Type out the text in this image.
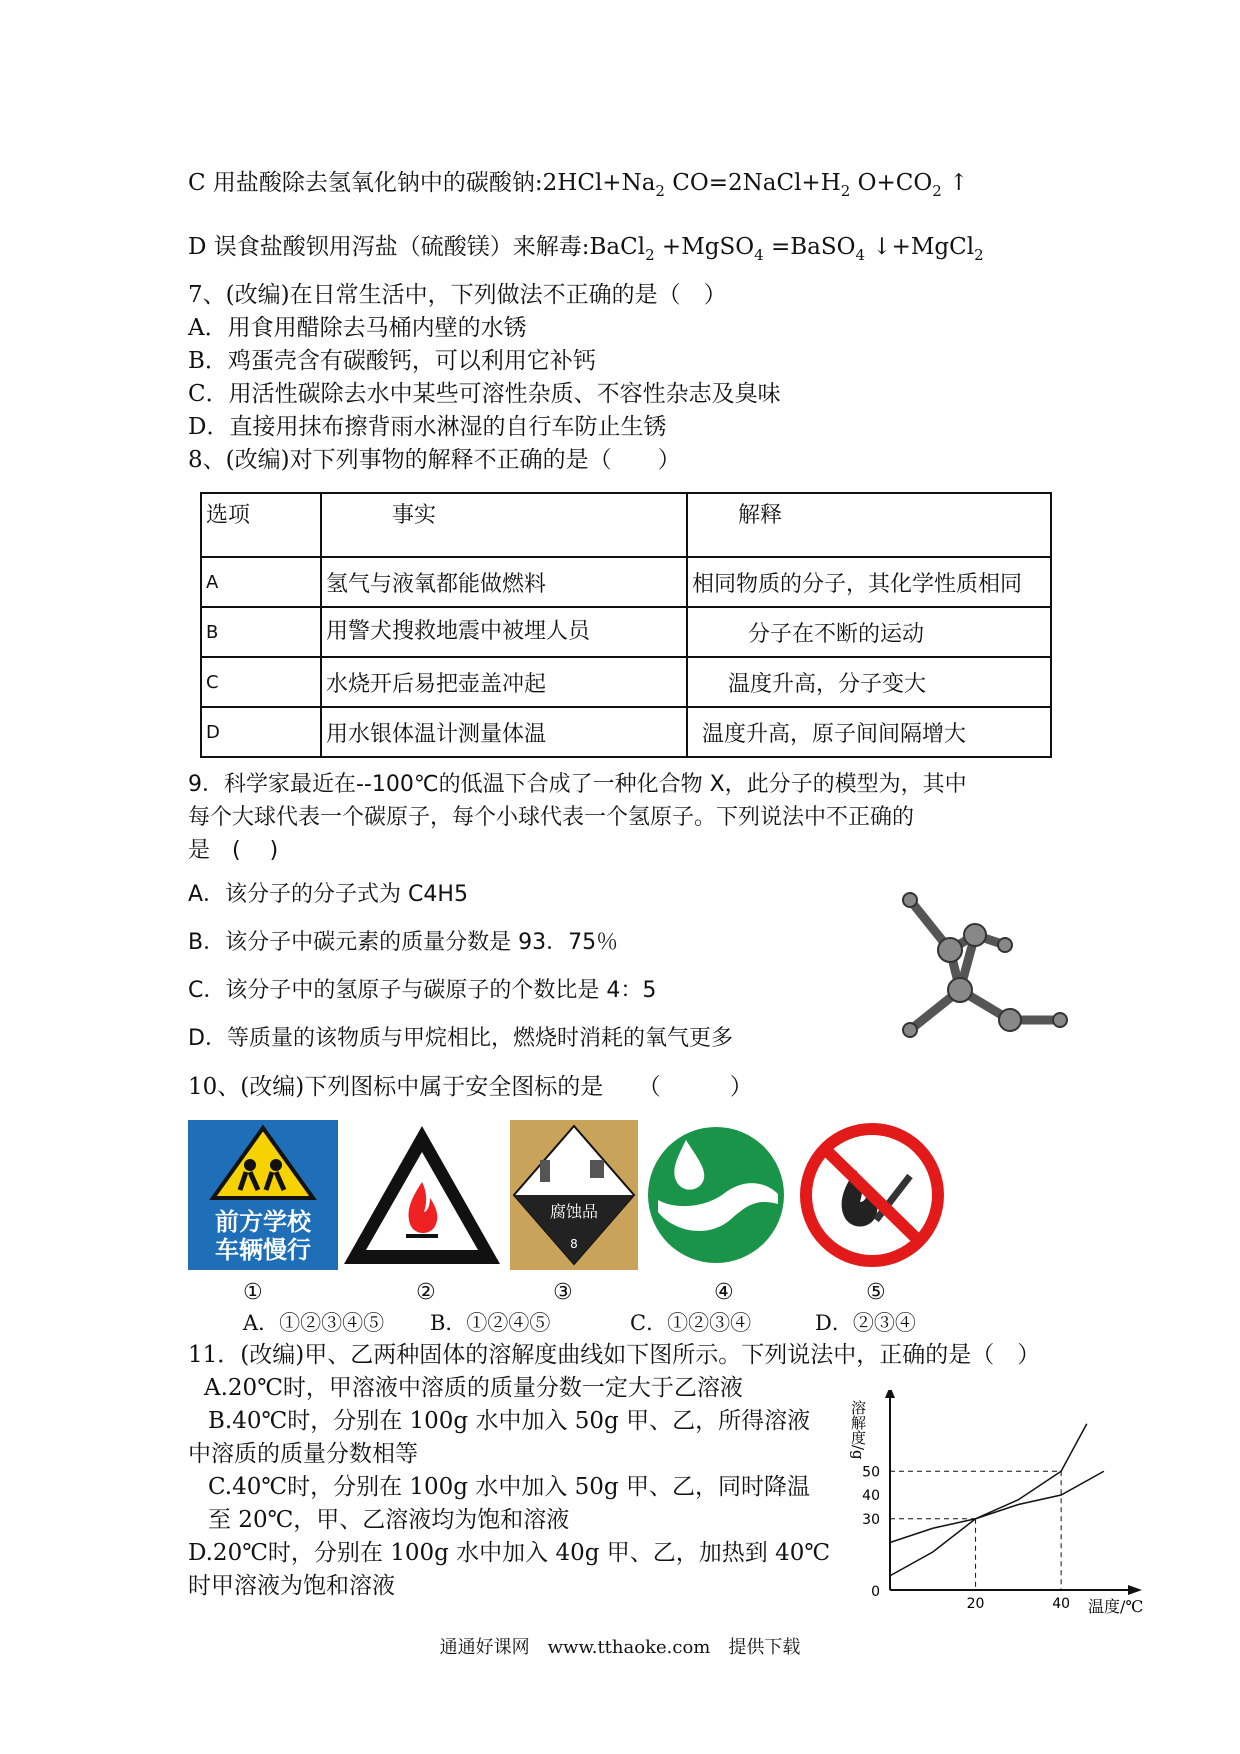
C 用盐酸除去氢氧化钠中的碳酸钠$:2HCl+Na_2$ $CO=2NaCl+H_2$ $O+CO_2$ ↑
D 误食盐酸钡用泻盐（硫酸镁）来解毒:BaCl$_2$ +MgSO$_4$ =BaSO$_4$ ↓+MgCl$_2$
7、(改编)在日常生活中，下列做法不正确的是（　）
A．用食用醋除去马桶内壁的水锈
B．鸡蛋壳含有碳酸钙，可以利用它补钙
C．用活性碳除去水中某些可溶性杂质、不容性杂志及臭味
D．直接用抹布擦背雨水淋湿的自行车防止生锈
8、(改编)对下列事物的解释不正确的是（　　）
选项	事实	解释
A	氢气与液氧都能做燃料	相同物质的分子，其化学性质相同
B	用警犬搜救地震中被埋人员	分子在不断的运动
C	水烧开后易把壶盖冲起	温度升高，分子变大
D	用水银体温计测量体温	温度升高，原子间间隔增大
9．科学家最近在--100℃的低温下合成了一种化合物 X，此分子的模型为，其中
每个大球代表一个碳原子，每个小球代表一个氢原子。下列说法中不正确的
是　(　 )
A．该分子的分子式为 C4H5
B．该分子中碳元素的质量分数是 93．75％
C．该分子中的氢原子与碳原子的个数比是 4：5
D．等质量的该物质与甲烷相比，燃烧时消耗的氧气更多
10、(改编)下列图标中属于安全图标的是　　（　　　）
前方学校
车辆慢行
腐蚀品
8
①	②	③	④	⑤
A．①②③④⑤ B．①②④⑤	C．①②③④	D．②③④
11．(改编)甲、乙两种固体的溶解度曲线如下图所示。下列说法中，正确的是（　）
A.20℃时，甲溶液中溶质的质量分数一定大于乙溶液
B.40℃时，分别在 100g 水中加入 50g 甲、乙，所得溶液
中溶质的质量分数相等
C.40℃时，分别在 100g 水中加入 50g 甲、乙，同时降温
至 20℃，甲、乙溶液均为饱和溶液
D.20℃时，分别在 100g 水中加入 40g 甲、乙，加热到 40℃
时甲溶液为饱和溶液
20	40
0
30
40
50
溶解度/g
温度/℃
通通好课网　www.tthaoke.com　提供下载
